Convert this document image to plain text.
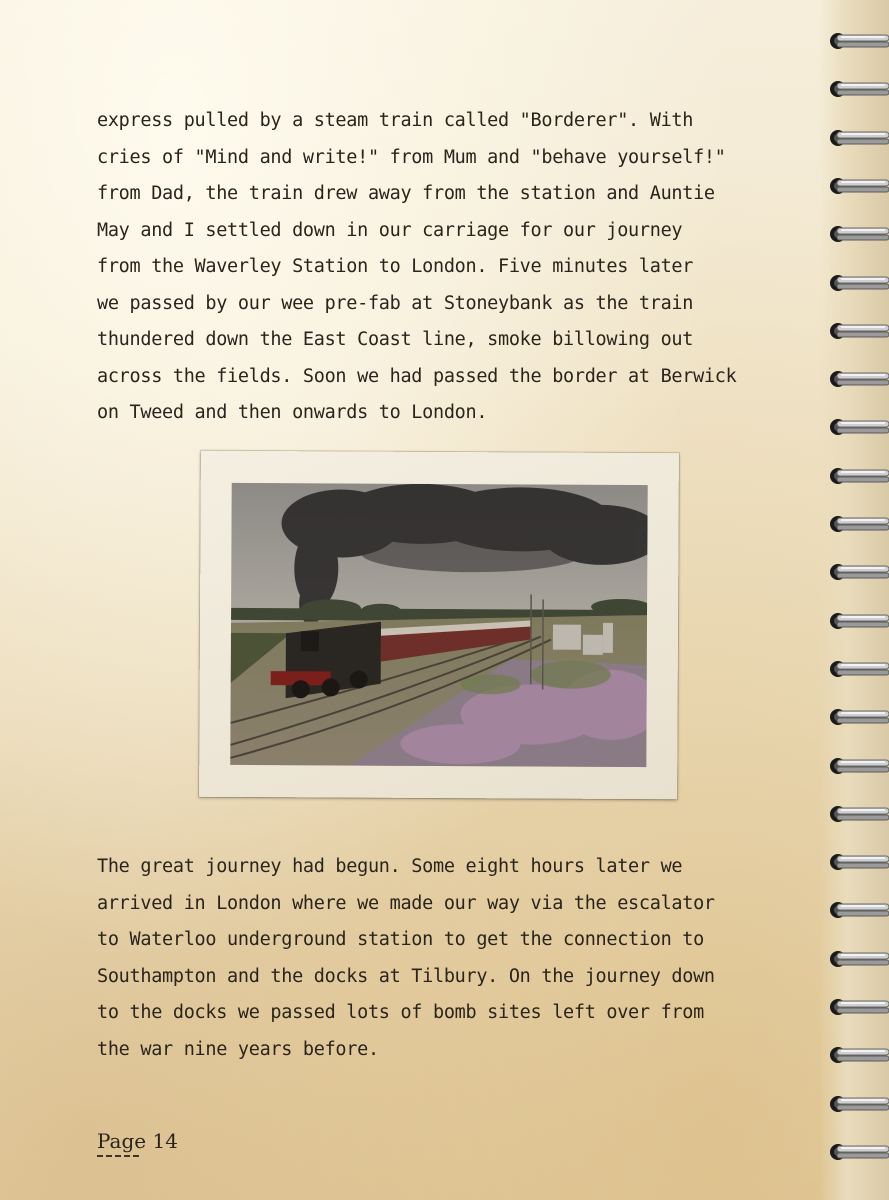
express pulled by a steam train called "Borderer". With
cries of "Mind and write!" from Mum and "behave yourself!"
from Dad, the train drew away from the station and Auntie
May and I settled down in our carriage for our journey
from the Waverley Station to London. Five minutes later
we passed by our wee pre-fab at Stoneybank as the train
thundered down the East Coast line, smoke billowing out
across the fields. Soon we had passed the border at Berwick
on Tweed and then onwards to London.
The great journey had begun. Some eight hours later we
arrived in London where we made our way via the escalator
to Waterloo underground station to get the connection to
Southampton and the docks at Tilbury. On the journey down
to the docks we passed lots of bomb sites left over from
the war nine years before.
Page 14
